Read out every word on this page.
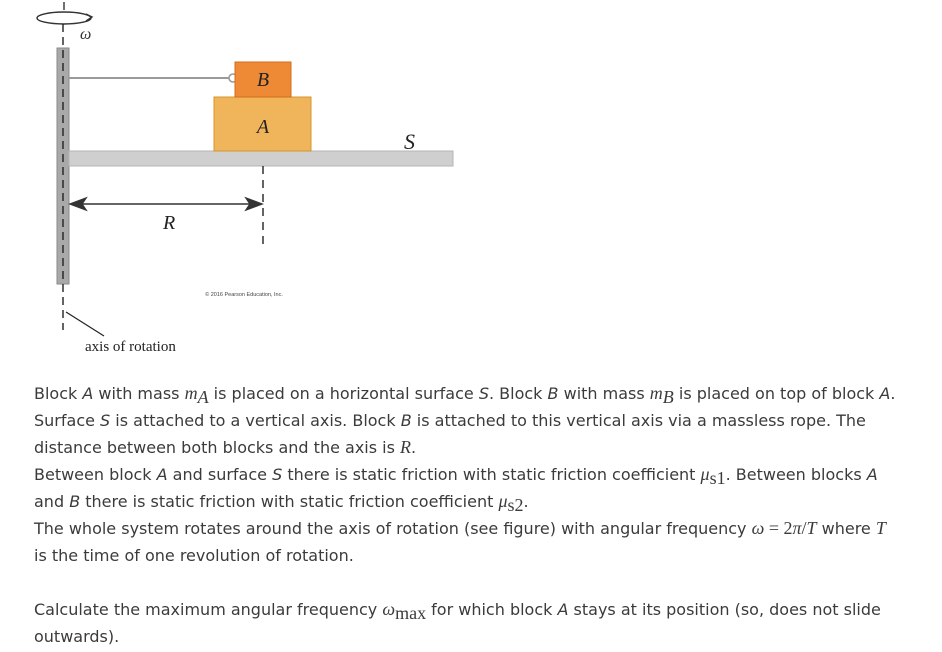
ω
A
B
S
R
© 2016 Pearson Education, Inc.
axis of rotation

Block A with mass $m_A$ is placed on a horizontal surface S. Block B with mass $m_B$ is placed on top of block A.

Surface S is attached to a vertical axis. Block B is attached to this vertical axis via a massless rope. The

distance between both blocks and the axis is R.

Between block A and surface S there is static friction with static friction coefficient $\mu_{s1}$. Between blocks A

and B there is static friction with static friction coefficient $\mu_{s2}$.

The whole system rotates around the axis of rotation (see figure) with angular frequency ω = 2π/T where T

is the time of one revolution of rotation.

Calculate the maximum angular frequency $\omega_{max}$ for which block A stays at its position (so, does not slide

outwards).
